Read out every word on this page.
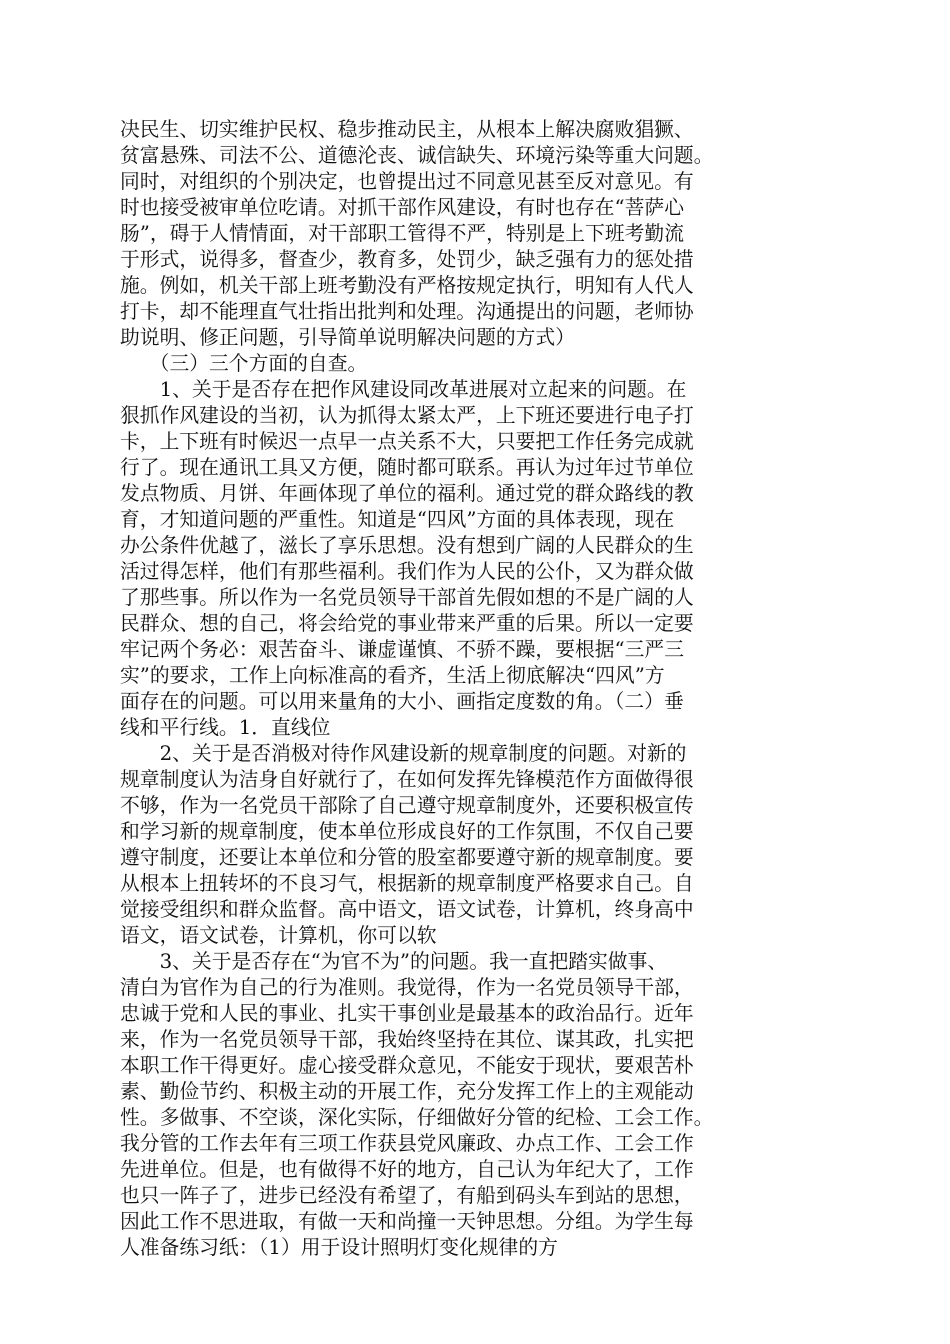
决民生、切实维护民权、稳步推动民主，从根本上解决腐败猖獗、
贫富悬殊、司法不公、道德沦丧、诚信缺失、环境污染等重大问题。
同时，对组织的个别决定，也曾提出过不同意见甚至反对意见。有
时也接受被审单位吃请。对抓干部作风建设，有时也存在“菩萨心
肠”，碍于人情情面，对干部职工管得不严，特别是上下班考勤流
于形式，说得多，督查少，教育多，处罚少，缺乏强有力的惩处措
施。例如，机关干部上班考勤没有严格按规定执行，明知有人代人
打卡，却不能理直气壮指出批判和处理。沟通提出的问题，老师协
助说明、修正问题，引导简单说明解决问题的方式）
　　（三）三个方面的自查。
　　1、关于是否存在把作风建设同改革进展对立起来的问题。在
狠抓作风建设的当初，认为抓得太紧太严，上下班还要进行电子打
卡，上下班有时候迟一点早一点关系不大，只要把工作任务完成就
行了。现在通讯工具又方便，随时都可联系。再认为过年过节单位
发点物质、月饼、年画体现了单位的福利。通过党的群众路线的教
育，才知道问题的严重性。知道是“四风”方面的具体表现，现在
办公条件优越了，滋长了享乐思想。没有想到广阔的人民群众的生
活过得怎样，他们有那些福利。我们作为人民的公仆，又为群众做
了那些事。所以作为一名党员领导干部首先假如想的不是广阔的人
民群众、想的自己，将会给党的事业带来严重的后果。所以一定要
牢记两个务必：艰苦奋斗、谦虚谨慎、不骄不躁，要根据“三严三
实”的要求，工作上向标准高的看齐，生活上彻底解决“四风”方
面存在的问题。可以用来量角的大小、画指定度数的角。（二）垂
线和平行线。1．直线位
　　2、关于是否消极对待作风建设新的规章制度的问题。对新的
规章制度认为洁身自好就行了，在如何发挥先锋模范作方面做得很
不够，作为一名党员干部除了自己遵守规章制度外，还要积极宣传
和学习新的规章制度，使本单位形成良好的工作氛围，不仅自己要
遵守制度，还要让本单位和分管的股室都要遵守新的规章制度。要
从根本上扭转坏的不良习气，根据新的规章制度严格要求自己。自
觉接受组织和群众监督。高中语文，语文试卷，计算机，终身高中
语文，语文试卷，计算机，你可以软
　　3、关于是否存在“为官不为”的问题。我一直把踏实做事、
清白为官作为自己的行为准则。我觉得，作为一名党员领导干部，
忠诚于党和人民的事业、扎实干事创业是最基本的政治品行。近年
来，作为一名党员领导干部，我始终坚持在其位、谋其政，扎实把
本职工作干得更好。虚心接受群众意见，不能安于现状，要艰苦朴
素、勤俭节约、积极主动的开展工作，充分发挥工作上的主观能动
性。多做事、不空谈，深化实际，仔细做好分管的纪检、工会工作。
我分管的工作去年有三项工作获县党风廉政、办点工作、工会工作
先进单位。但是，也有做得不好的地方，自己认为年纪大了，工作
也只一阵子了，进步已经没有希望了，有船到码头车到站的思想，
因此工作不思进取，有做一天和尚撞一天钟思想。分组。为学生每
人准备练习纸：（1）用于设计照明灯变化规律的方
